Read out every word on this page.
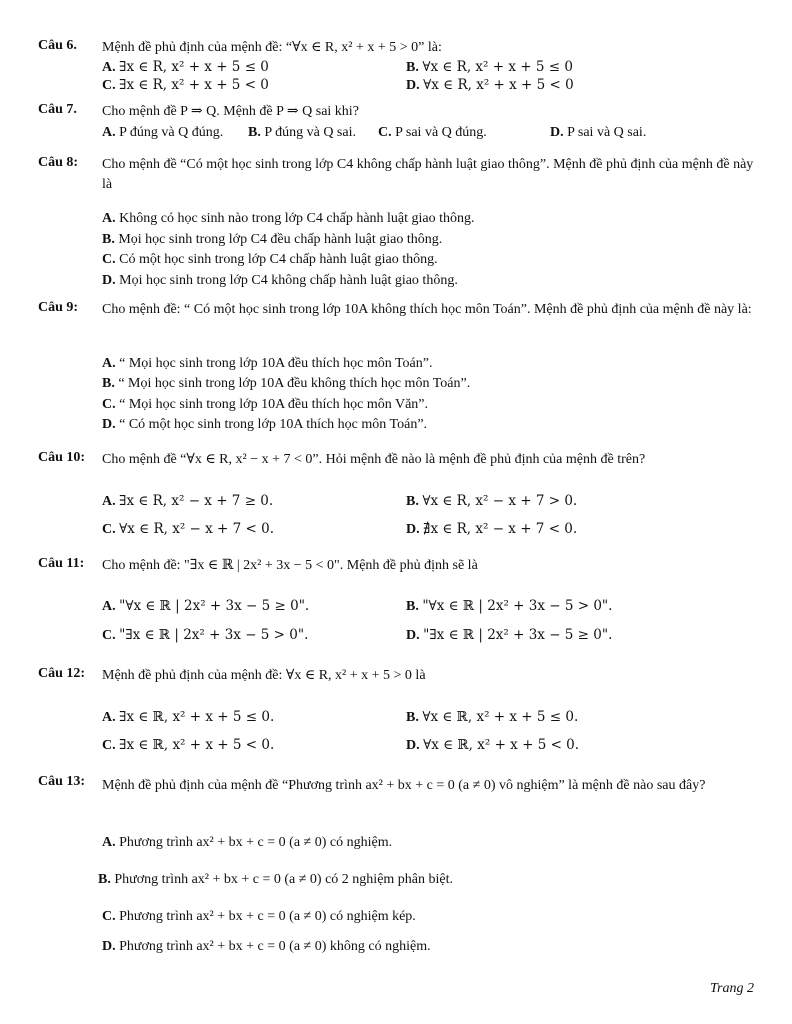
Câu 6. Mệnh đề phủ định của mệnh đề: “∀x ∈ R, x² + x + 5 > 0” là:
A. ∃x ∈ R, x² + x + 5 ≤ 0	B. ∀x ∈ R, x² + x + 5 ≤ 0
C. ∃x ∈ R, x² + x + 5 < 0	D. ∀x ∈ R, x² + x + 5 < 0
Câu 7. Cho mệnh đề P ⇒ Q. Mệnh đề P ⇒ Q sai khi?
A. P đúng và Q đúng. B. P đúng và Q sai. C. P sai và Q đúng.	D. P sai và Q sai.
Câu 8: Cho mệnh đề “Có một học sinh trong lớp C4 không chấp hành luật giao thông”. Mệnh đề phủ định của mệnh đề này là
A. Không có học sinh nào trong lớp C4 chấp hành luật giao thông.
B. Mọi học sinh trong lớp C4 đều chấp hành luật giao thông.
C. Có một học sinh trong lớp C4 chấp hành luật giao thông.
D. Mọi học sinh trong lớp C4 không chấp hành luật giao thông.
Câu 9: Cho mệnh đề: “ Có một học sinh trong lớp 10A không thích học môn Toán”. Mệnh đề phủ định của mệnh đề này là:
A. “ Mọi học sinh trong lớp 10A đều thích học môn Toán”.
B. “ Mọi học sinh trong lớp 10A đều không thích học môn Toán”.
C. “ Mọi học sinh trong lớp 10A đều thích học môn Văn”.
D. “ Có một học sinh trong lớp 10A thích học môn Toán”.
Câu 10: Cho mệnh đề “∀x ∈ R, x² − x + 7 < 0”. Hỏi mệnh đề nào là mệnh đề phủ định của mệnh đề trên?
A. ∃x ∈ R, x² − x + 7 ≥ 0.	B. ∀x ∈ R, x² − x + 7 > 0.
C. ∀x ∈ R, x² − x + 7 < 0.	D. ∄x ∈ R, x² − x + 7 < 0.
Câu 11: Cho mệnh đề: "∃x ∈ ℝ | 2x² + 3x − 5 < 0". Mệnh đề phủ định sẽ là
A. "∀x ∈ ℝ | 2x² + 3x − 5 ≥ 0".	B. "∀x ∈ ℝ | 2x² + 3x − 5 > 0".
C. "∃x ∈ ℝ | 2x² + 3x − 5 > 0".	D. "∃x ∈ ℝ | 2x² + 3x − 5 ≥ 0".
Câu 12: Mệnh đề phủ định của mệnh đề: ∀x ∈ R, x² + x + 5 > 0 là
A. ∃x ∈ ℝ, x² + x + 5 ≤ 0.	B. ∀x ∈ ℝ, x² + x + 5 ≤ 0.
C. ∃x ∈ ℝ, x² + x + 5 < 0.	D. ∀x ∈ ℝ, x² + x + 5 < 0.
Câu 13: Mệnh đề phủ định của mệnh đề “Phương trình ax² + bx + c = 0 (a ≠ 0) vô nghiệm” là mệnh đề nào sau đây?
A. Phương trình ax² + bx + c = 0 (a ≠ 0) có nghiệm.
B. Phương trình ax² + bx + c = 0 (a ≠ 0) có 2 nghiệm phân biệt.
C. Phương trình ax² + bx + c = 0 (a ≠ 0) có nghiệm kép.
D. Phương trình ax² + bx + c = 0 (a ≠ 0) không có nghiệm.
Trang 2
